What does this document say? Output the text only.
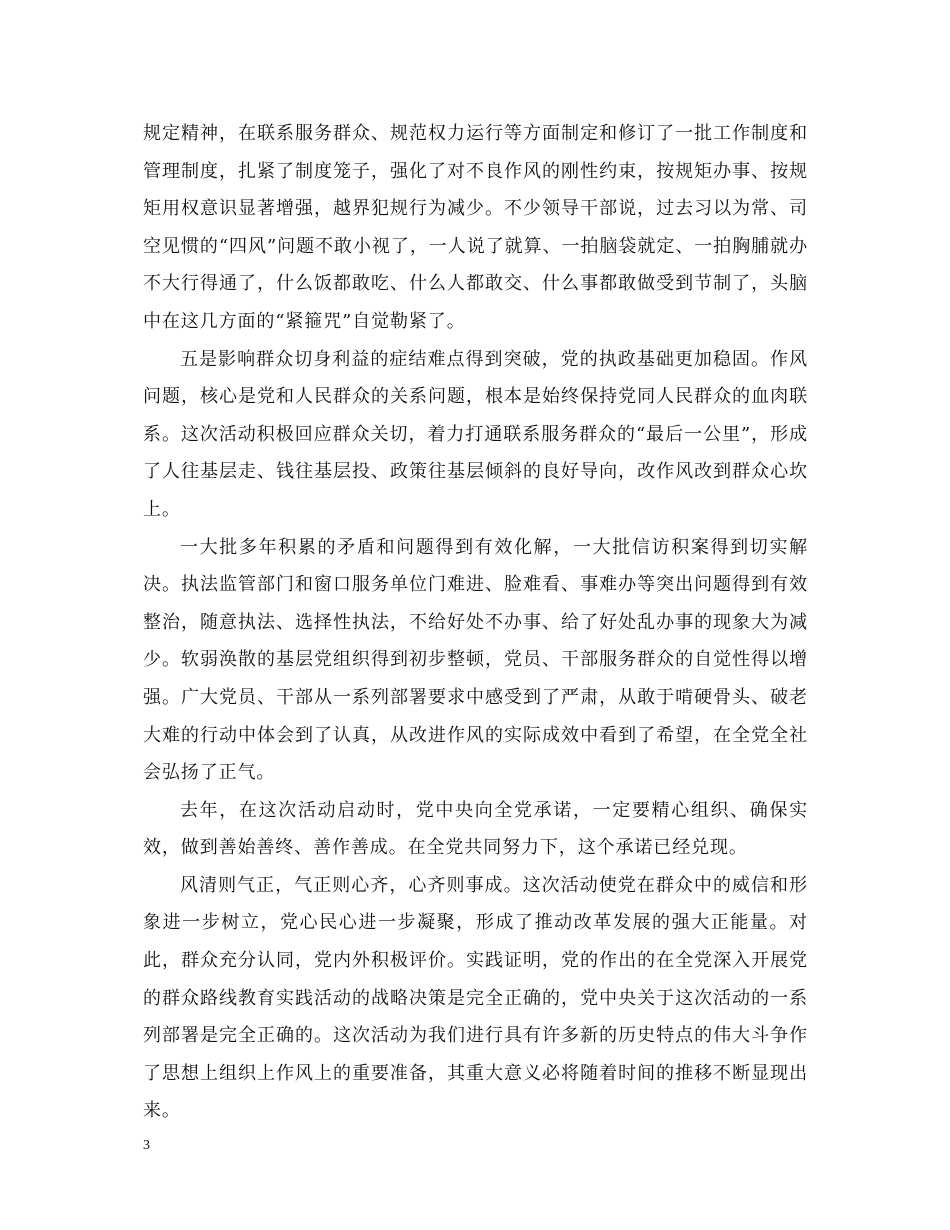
规定精神，在联系服务群众、规范权力运行等方面制定和修订了一批工作制度和管理制度，扎紧了制度笼子，强化了对不良作风的刚性约束，按规矩办事、按规矩用权意识显著增强，越界犯规行为减少。不少领导干部说，过去习以为常、司空见惯的“四风”问题不敢小视了，一人说了就算、一拍脑袋就定、一拍胸脯就办不大行得通了，什么饭都敢吃、什么人都敢交、什么事都敢做受到节制了，头脑中在这几方面的“紧箍咒”自觉勒紧了。

五是影响群众切身利益的症结难点得到突破，党的执政基础更加稳固。作风问题，核心是党和人民群众的关系问题，根本是始终保持党同人民群众的血肉联系。这次活动积极回应群众关切，着力打通联系服务群众的“最后一公里”，形成了人往基层走、钱往基层投、政策往基层倾斜的良好导向，改作风改到群众心坎上。

一大批多年积累的矛盾和问题得到有效化解，一大批信访积案得到切实解决。执法监管部门和窗口服务单位门难进、脸难看、事难办等突出问题得到有效整治，随意执法、选择性执法，不给好处不办事、给了好处乱办事的现象大为减少。软弱涣散的基层党组织得到初步整顿，党员、干部服务群众的自觉性得以增强。广大党员、干部从一系列部署要求中感受到了严肃，从敢于啃硬骨头、破老大难的行动中体会到了认真，从改进作风的实际成效中看到了希望，在全党全社会弘扬了正气。

去年，在这次活动启动时，党中央向全党承诺，一定要精心组织、确保实效，做到善始善终、善作善成。在全党共同努力下，这个承诺已经兑现。

风清则气正，气正则心齐，心齐则事成。这次活动使党在群众中的威信和形象进一步树立，党心民心进一步凝聚，形成了推动改革发展的强大正能量。对此，群众充分认同，党内外积极评价。实践证明，党的作出的在全党深入开展党的群众路线教育实践活动的战略决策是完全正确的，党中央关于这次活动的一系列部署是完全正确的。这次活动为我们进行具有许多新的历史特点的伟大斗争作了思想上组织上作风上的重要准备，其重大意义必将随着时间的推移不断显现出来。

3
